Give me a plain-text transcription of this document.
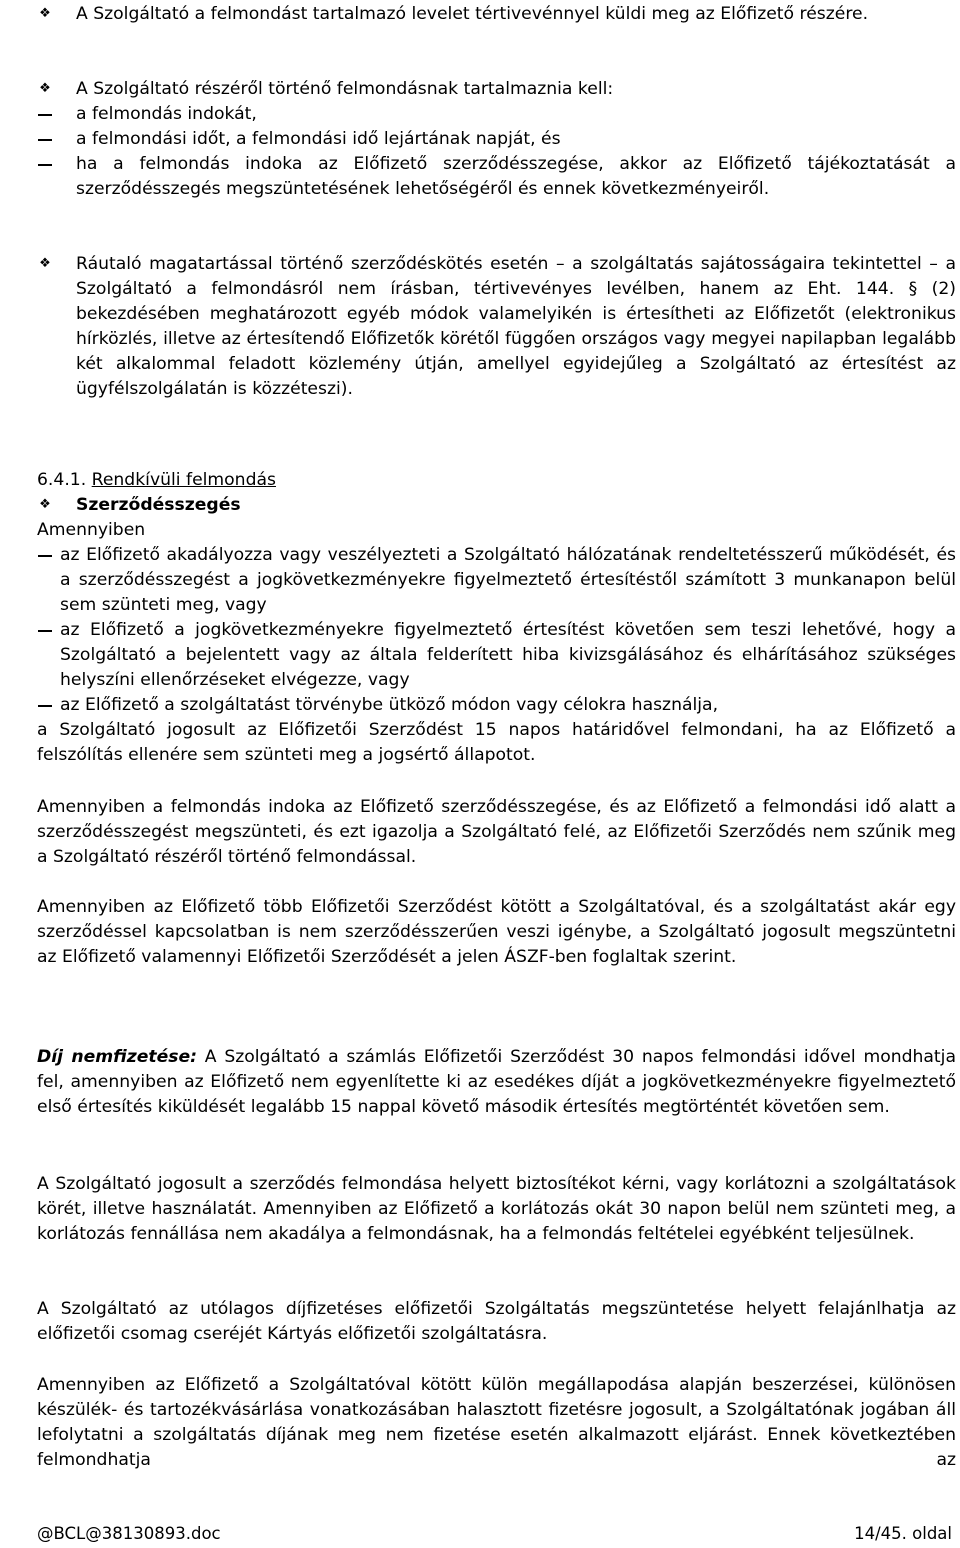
❖ A Szolgáltató a felmondást tartalmazó levelet tértivevénnyel küldi meg az Előfizető részére.
❖ A Szolgáltató részéről történő felmondásnak tartalmaznia kell:
a felmondás indokát,
a felmondási időt, a felmondási idő lejártának napját, és
ha a felmondás indoka az Előfizető szerződésszegése, akkor az Előfizető tájékoztatását a szerződésszegés megszüntetésének lehetőségéről és ennek következményeiről.
❖ Ráutaló magatartással történő szerződéskötés esetén – a szolgáltatás sajátosságaira tekintettel – a Szolgáltató a felmondásról nem írásban, tértivevényes levélben, hanem az Eht. 144. § (2) bekezdésében meghatározott egyéb módok valamelyikén is értesítheti az Előfizetőt (elektronikus hírközlés, illetve az értesítendő Előfizetők körétől függően országos vagy megyei napilapban legalább két alkalommal feladott közlemény útján, amellyel egyidejűleg a Szolgáltató az értesítést az ügyfélszolgálatán is közzéteszi).
6.4.1. Rendkívüli felmondás
❖ Szerződésszegés
Amennyiben
az Előfizető akadályozza vagy veszélyezteti a Szolgáltató hálózatának rendeltetésszerű működését, és a szerződésszegést a jogkövetkezményekre figyelmeztető értesítéstől számított 3 munkanapon belül sem szünteti meg, vagy
az Előfizető a jogkövetkezményekre figyelmeztető értesítést követően sem teszi lehetővé, hogy a Szolgáltató a bejelentett vagy az általa felderített hiba kivizsgálásához és elhárításához szükséges helyszíni ellenőrzéseket elvégezze, vagy
az Előfizető a szolgáltatást törvénybe ütköző módon vagy célokra használja,
a Szolgáltató jogosult az Előfizetői Szerződést 15 napos határidővel felmondani, ha az Előfizető a felszólítás ellenére sem szünteti meg a jogsértő állapotot.
Amennyiben a felmondás indoka az Előfizető szerződésszegése, és az Előfizető a felmondási idő alatt a szerződésszegést megszünteti, és ezt igazolja a Szolgáltató felé, az Előfizetői Szerződés nem szűnik meg a Szolgáltató részéről történő felmondással.
Amennyiben az Előfizető több Előfizetői Szerződést kötött a Szolgáltatóval, és a szolgáltatást akár egy szerződéssel kapcsolatban is nem szerződésszerűen veszi igénybe, a Szolgáltató jogosult megszüntetni az Előfizető valamennyi Előfizetői Szerződését a jelen ÁSZF-ben foglaltak szerint.
Díj nemfizetése: A Szolgáltató a számlás Előfizetői Szerződést 30 napos felmondási idővel mondhatja fel, amennyiben az Előfizető nem egyenlítette ki az esedékes díját a jogkövetkezményekre figyelmeztető első értesítés kiküldését legalább 15 nappal követő második értesítés megtörténtét követően sem.
A Szolgáltató jogosult a szerződés felmondása helyett biztosítékot kérni, vagy korlátozni a szolgáltatások körét, illetve használatát. Amennyiben az Előfizető a korlátozás okát 30 napon belül nem szünteti meg, a korlátozás fennállása nem akadálya a felmondásnak, ha a felmondás feltételei egyébként teljesülnek.
A Szolgáltató az utólagos díjfizetéses előfizetői Szolgáltatás megszüntetése helyett felajánlhatja az előfizetői csomag cseréjét Kártyás előfizetői szolgáltatásra.
Amennyiben az Előfizető a Szolgáltatóval kötött külön megállapodása alapján beszerzései, különösen készülék- és tartozékvásárlása vonatkozásában halasztott fizetésre jogosult, a Szolgáltatónak jogában áll lefolytatni a szolgáltatás díjának meg nem fizetése esetén alkalmazott eljárást. Ennek következtében felmondhatja az
@BCL@38130893.doc	14/45. oldal
